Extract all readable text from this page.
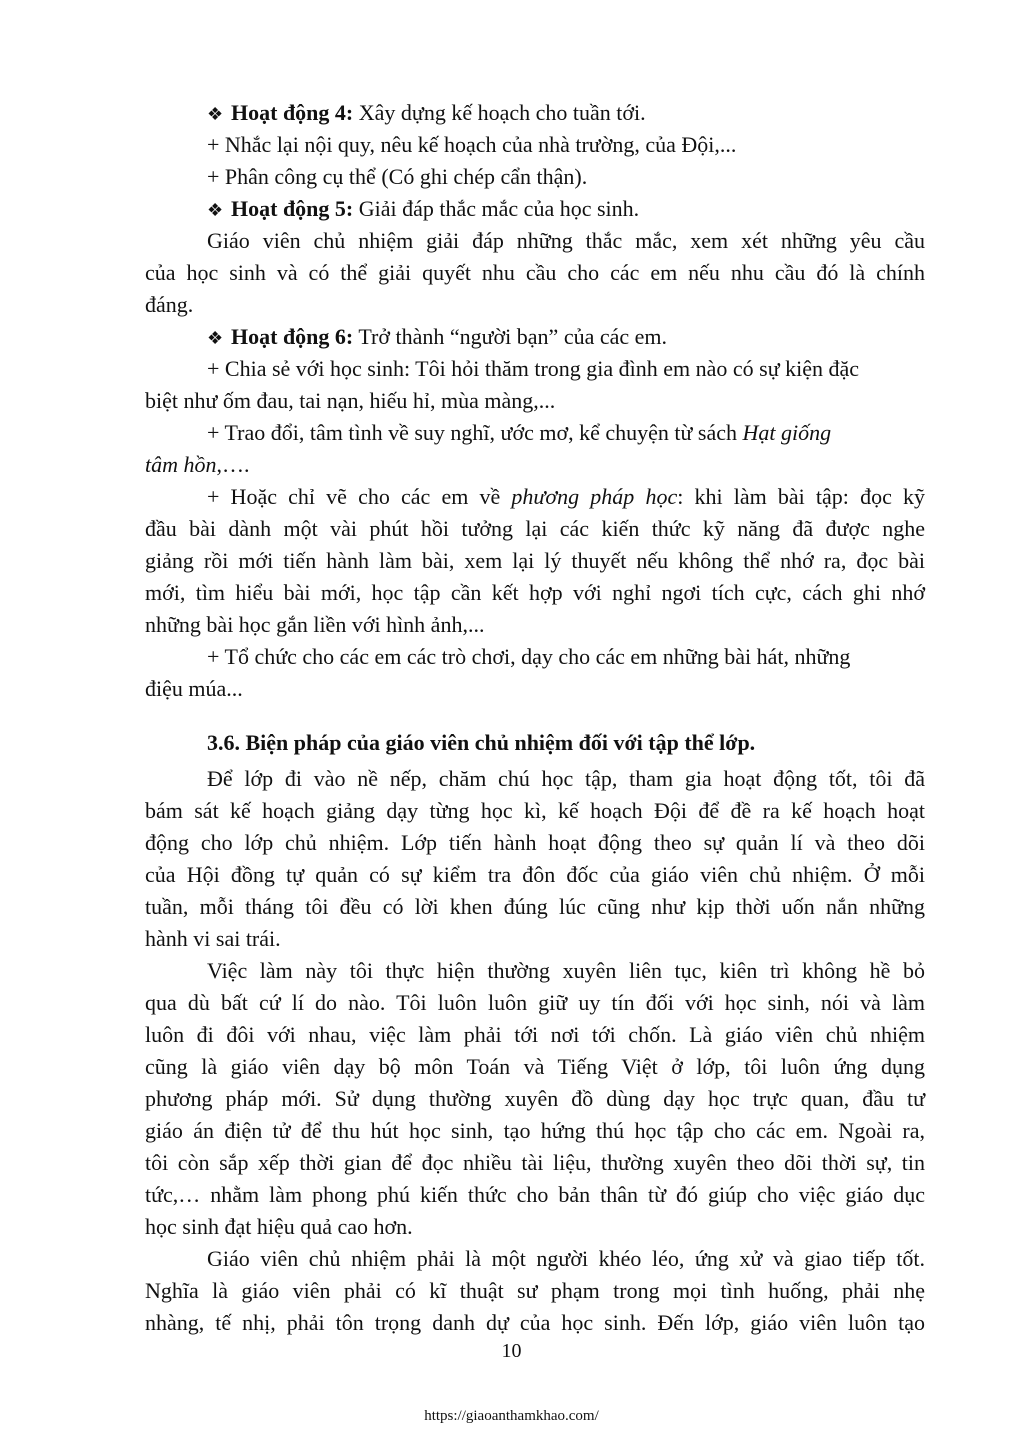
❖ Hoạt động 4: Xây dựng kế hoạch cho tuần tới.
+ Nhắc lại nội quy, nêu kế hoạch của nhà trường, của Đội,...
+ Phân công cụ thể (Có ghi chép cẩn thận).
❖ Hoạt động 5: Giải đáp thắc mắc của học sinh.
Giáo viên chủ nhiệm giải đáp những thắc mắc, xem xét những yêu cầu
của học sinh và có thể giải quyết nhu cầu cho các em nếu nhu cầu đó là chính
đáng.
❖ Hoạt động 6: Trở thành “người bạn” của các em.
+ Chia sẻ với học sinh: Tôi hỏi thăm trong gia đình em nào có sự kiện đặc
biệt như ốm đau, tai nạn, hiếu hỉ, mùa màng,...
+ Trao đổi, tâm tình về suy nghĩ, ước mơ, kể chuyện từ sách Hạt giống
tâm hồn,….
+ Hoặc chỉ vẽ cho các em về phương pháp học: khi làm bài tập: đọc kỹ
đầu bài dành một vài phút hồi tưởng lại các kiến thức kỹ năng đã được nghe
giảng rồi mới tiến hành làm bài, xem lại lý thuyết nếu không thể nhớ ra, đọc bài
mới, tìm hiểu bài mới, học tập cần kết hợp với nghỉ ngơi tích cực, cách ghi nhớ
những bài học gắn liền với hình ảnh,...
+ Tổ chức cho các em các trò chơi, dạy cho các em những bài hát, những
điệu múa...
3.6. Biện pháp của giáo viên chủ nhiệm đối với tập thể lớp.
Để lớp đi vào nề nếp, chăm chú học tập, tham gia hoạt động tốt, tôi đã
bám sát kế hoạch giảng dạy từng học kì, kế hoạch Đội để đề ra kế hoạch hoạt
động cho lớp chủ nhiệm. Lớp tiến hành hoạt động theo sự quản lí và theo dõi
của Hội đồng tự quản có sự kiểm tra đôn đốc của giáo viên chủ nhiệm. Ở mỗi
tuần, mỗi tháng tôi đều có lời khen đúng lúc cũng như kịp thời uốn nắn những
hành vi sai trái.
Việc làm này tôi thực hiện thường xuyên liên tục, kiên trì không hề bỏ
qua dù bất cứ lí do nào. Tôi luôn luôn giữ uy tín đối với học sinh, nói và làm
luôn đi đôi với nhau, việc làm phải tới nơi tới chốn. Là giáo viên chủ nhiệm
cũng là giáo viên dạy bộ môn Toán và Tiếng Việt ở lớp, tôi luôn ứng dụng
phương pháp mới. Sử dụng thường xuyên đồ dùng dạy học trực quan, đầu tư
giáo án điện tử để thu hút học sinh, tạo hứng thú học tập cho các em. Ngoài ra,
tôi còn sắp xếp thời gian để đọc nhiều tài liệu, thường xuyên theo dõi thời sự, tin
tức,… nhằm làm phong phú kiến thức cho bản thân từ đó giúp cho việc giáo dục
học sinh đạt hiệu quả cao hơn.
Giáo viên chủ nhiệm phải là một người khéo léo, ứng xử và giao tiếp tốt.
Nghĩa là giáo viên phải có kĩ thuật sư phạm trong mọi tình huống, phải nhẹ
nhàng, tế nhị, phải tôn trọng danh dự của học sinh. Đến lớp, giáo viên luôn tạo
10
https://giaoanthamkhao.com/
